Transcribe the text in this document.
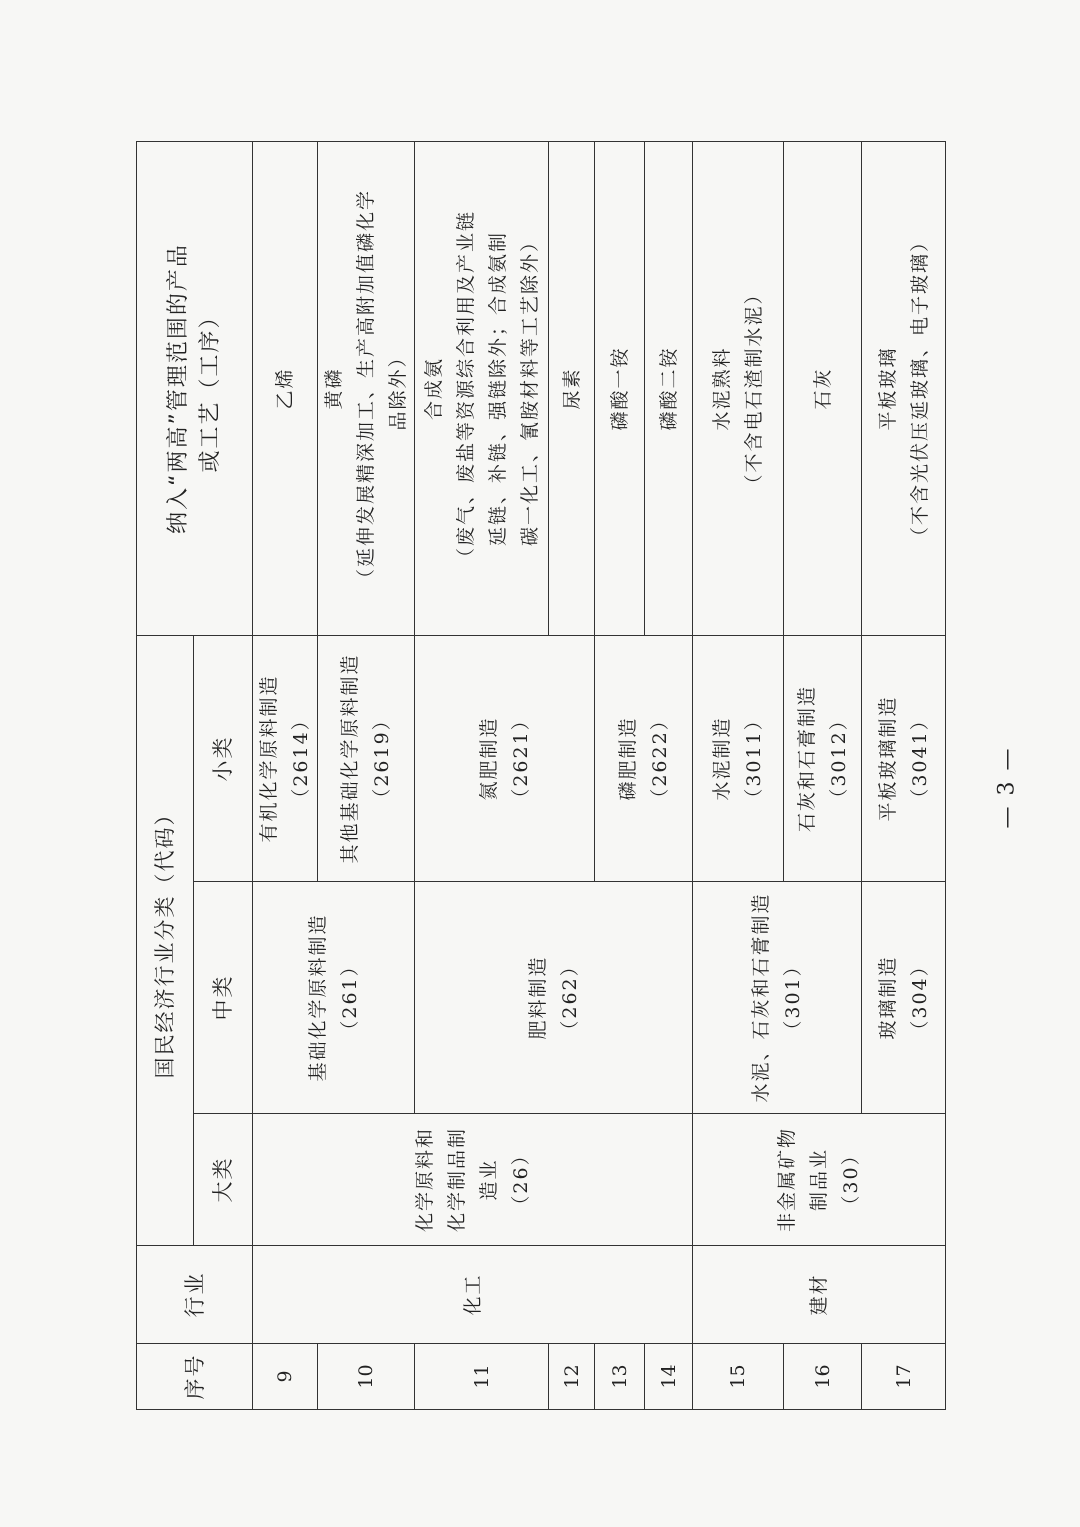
序号	行业	国民经济行业分类（代码）			纳入“两高”管理范围的产品 或工艺（工序）

		大类	中类	小类	
9	化工	化学原料和 化学制品制 造业 （26）	基础化学原料制造 （261）	有机化学原料制造 （2614）	乙烯
10				其他基础化学原料制造 （2619）	黄磷 （延伸发展精深加工、生产高附加值磷化学 品除外）

11			肥料制造 （262）	氮肥制造 （2621）	合成氨 （废气、废盐等资源综合利用及产业链 延链、补链、强链除外；合成氨制 碳一化工、氰胺材料等工艺除外）

12					尿素
13				磷肥制造 （2622）	磷酸一铵
14					磷酸二铵
15	建材	非金属矿物 制品业 （30）	水泥、石灰和石膏制造 （301）	水泥制造 （3011）	水泥熟料 （不含电石渣制水泥）

16				石灰和石膏制造 （3012）	石灰
17			玻璃制造 （304）	平板玻璃制造 （3041）	平板玻璃 （不含光伏压延玻璃、电子玻璃）
— 3 —
